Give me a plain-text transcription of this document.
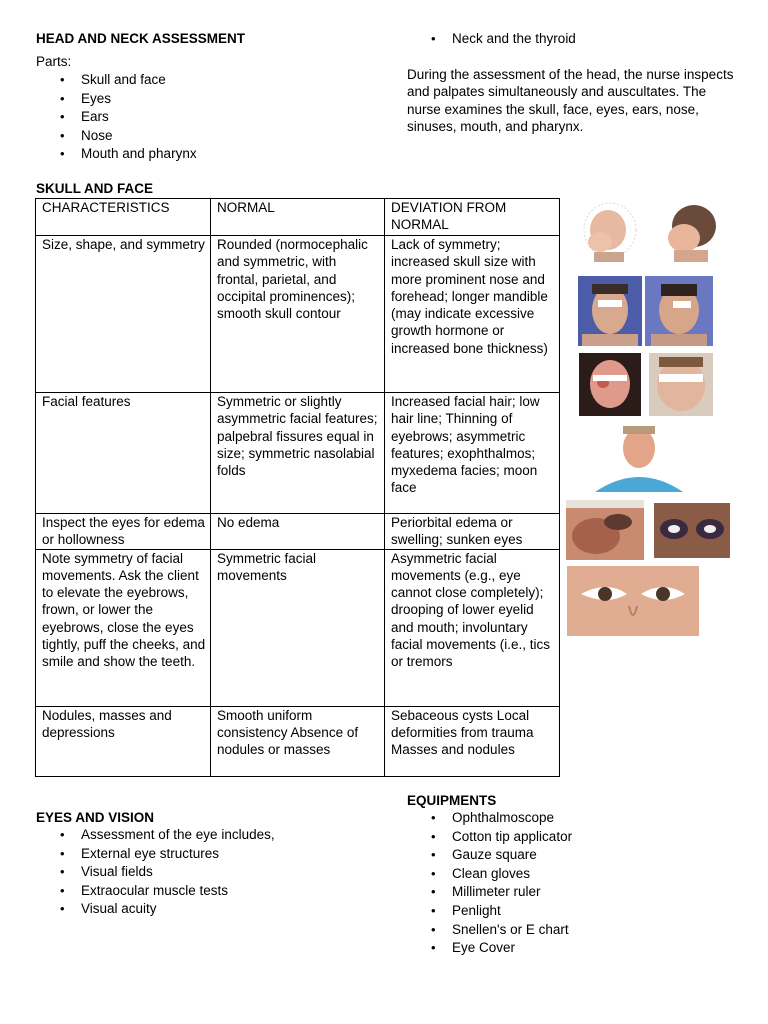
HEAD AND NECK ASSESSMENT

Parts:

• Skull and face
• Eyes
• Ears
• Nose
• Mouth and pharynx
• Neck and the thyroid

During the assessment of the head, the nurse inspects and palpates simultaneously and auscultates. The nurse examines the skull, face, eyes, ears, nose, sinuses, mouth, and pharynx.

SKULL AND FACE
CHARACTERISTICS	NORMAL	DEVIATION FROM NORMAL
Size, shape, and symmetry	Rounded (normocephalic and symmetric, with frontal, parietal, and occipital prominences); smooth skull contour	Lack of symmetry; increased skull size with more prominent nose and forehead; longer mandible (may indicate excessive growth hormone or increased bone thickness)
Facial features	Symmetric or slightly asymmetric facial features; palpebral fissures equal in size; symmetric nasolabial folds	Increased facial hair; low hair line; Thinning of eyebrows; asymmetric features; exophthalmos; myxedema facies; moon face
Inspect the eyes for edema or hollowness	No edema	Periorbital edema or swelling; sunken eyes
Note symmetry of facial movements. Ask the client to elevate the eyebrows, frown, or lower the eyebrows, close the eyes tightly, puff the cheeks, and smile and show the teeth.	Symmetric facial movements	Asymmetric facial movements (e.g., eye cannot close completely); drooping of lower eyelid and mouth; involuntary facial movements (i.e., tics or tremors
Nodules, masses and depressions	Smooth uniform consistency Absence of nodules or masses	Sebaceous cysts Local deformities from trauma Masses and nodules
EQUIPMENTS
• Ophthalmoscope
• Cotton tip applicator
• Gauze square
• Clean gloves
• Millimeter ruler
• Penlight
• Snellen's or E chart
• Eye Cover
EYES AND VISION
• Assessment of the eye includes,
• External eye structures
• Visual fields
• Extraocular muscle tests
• Visual acuity
